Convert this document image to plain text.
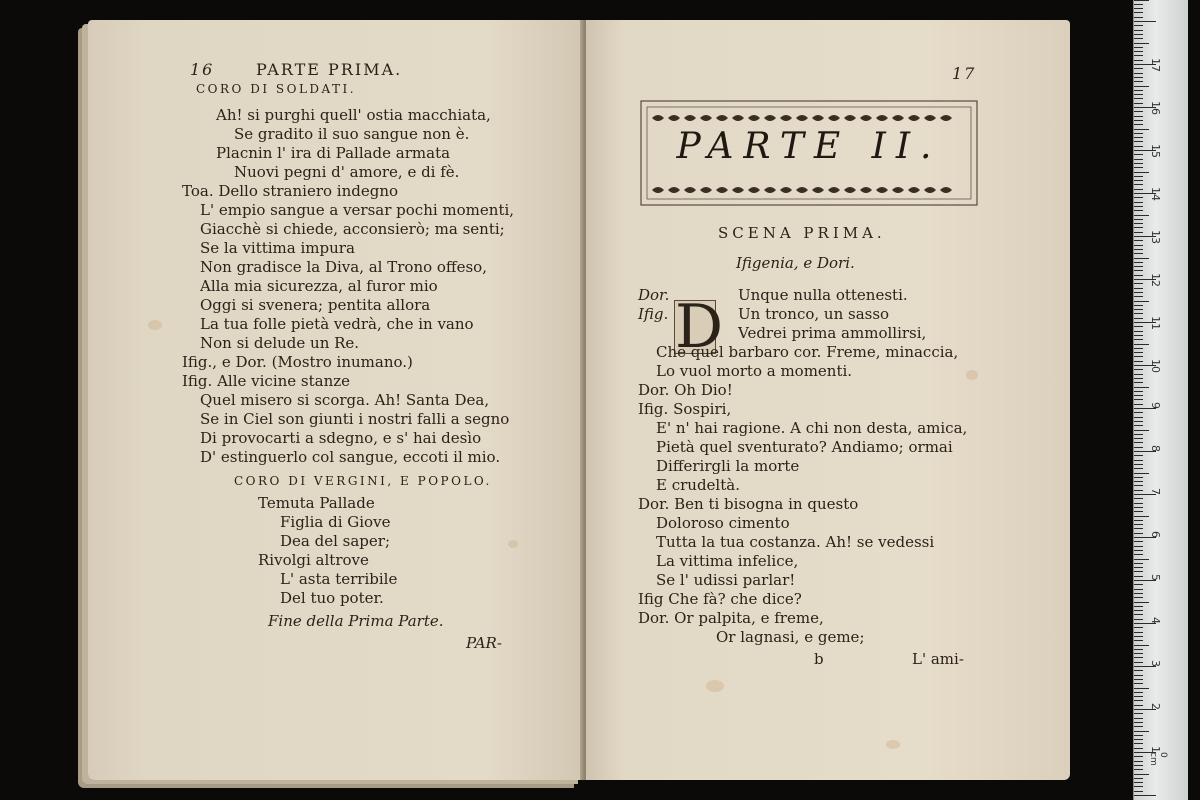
16	PARTE PRIMA.
CORO DI SOLDATI.
Ah! si purghi quell' ostia macchiata,
Se gradito il suo sangue non è.
Placnin l' ira di Pallade armata
Nuovi pegni d' amore, e di fè.
Toa. Dello straniero indegno
L' empio sangue a versar pochi momenti,
Giacchè si chiede, acconsierò; ma senti;
Se la vittima impura
Non gradisce la Diva, al Trono offeso,
Alla mia sicurezza, al furor mio
Oggi si svenera; pentita allora
La tua folle pietà vedrà, che in vano
Non si delude un Re.
Ifig., e Dor. (Mostro inumano.)
Ifig. Alle vicine stanze
Quel misero si scorga. Ah! Santa Dea,
Se in Ciel son giunti i nostri falli a segno
Di provocarti a sdegno, e s' hai desìo
D' estinguerlo col sangue, eccoti il mio.
CORO DI VERGINI, E POPOLO.
Temuta Pallade
Figlia di Giove
Dea del saper;
Rivolgi altrove
L' asta terribile
Del tuo poter.
Fine della Prima Parte.
PAR-
17
PARTE II.
SCENA PRIMA.
Ifigenia, e Dori.
D
Dor.	Unque nulla ottenesti.
Ifig.	Un tronco, un sasso
Vedrei prima ammollirsi,
Che quel barbaro cor. Freme, minaccia,
Lo vuol morto a momenti.
Dor. Oh Dio!
Ifig. Sospiri,
E' n' hai ragione. A chi non desta, amica,
Pietà quel sventurato? Andiamo; ormai
Differirgli la morte
E crudeltà.
Dor. Ben ti bisogna in questo
Doloroso cimento
Tutta la tua costanza. Ah! se vedessi
La vittima infelice,
Se l' udissi parlar!
Ifig Che fà? che dice?
Dor. Or palpita, e freme,
Or lagnasi, e geme;
b	L' ami-
17
16
15
14
13
12
11
10
9
8
7
6
5
4
3
2
1
0 cm
